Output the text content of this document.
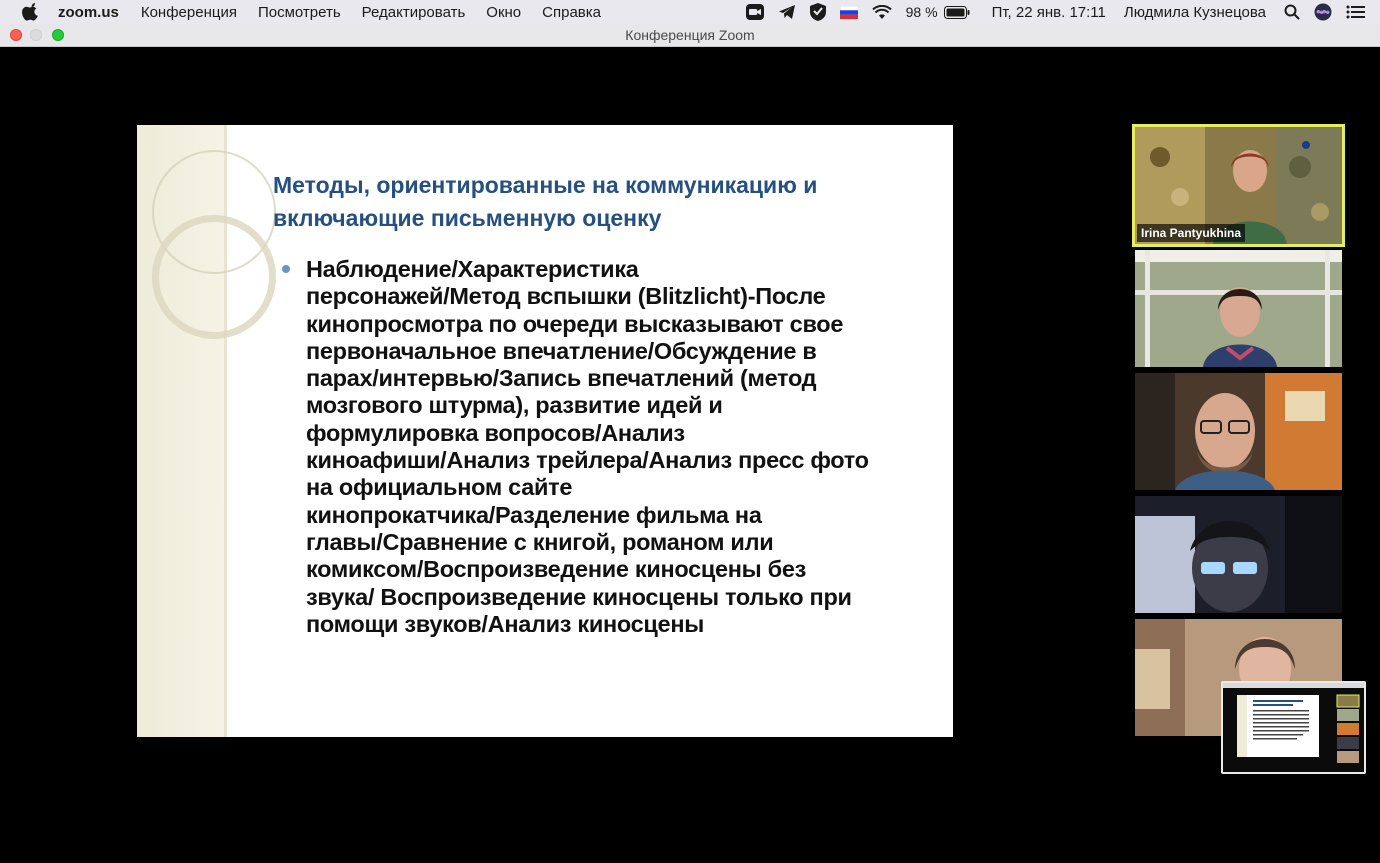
zoom.us Конференция Посмотреть Редактировать Окно Справка	98 %	Пт, 22 янв. 17:11 Людмила Кузнецова
Конференция Zoom
Методы, ориентированные на коммуникацию и
включающие письменную оценку
Наблюдение/Характеристика
персонажей/Метод вспышки (Blitzlicht)-После
кинопросмотра по очереди высказывают свое
первоначальное впечатление/Обсуждение в
парах/интервью/Запись впечатлений (метод
мозгового штурма), развитие идей и
формулировка вопросов/Анализ
киноафиши/Анализ трейлера/Анализ пресс фото
на официальном сайте
кинопрокатчика/Разделение фильма на
главы/Сравнение с книгой, романом или
комиксом/Воспроизведение киносцены без
звука/ Воспроизведение киносцены только при
помощи звуков/Анализ киносцены
Irina Pantyukhina
